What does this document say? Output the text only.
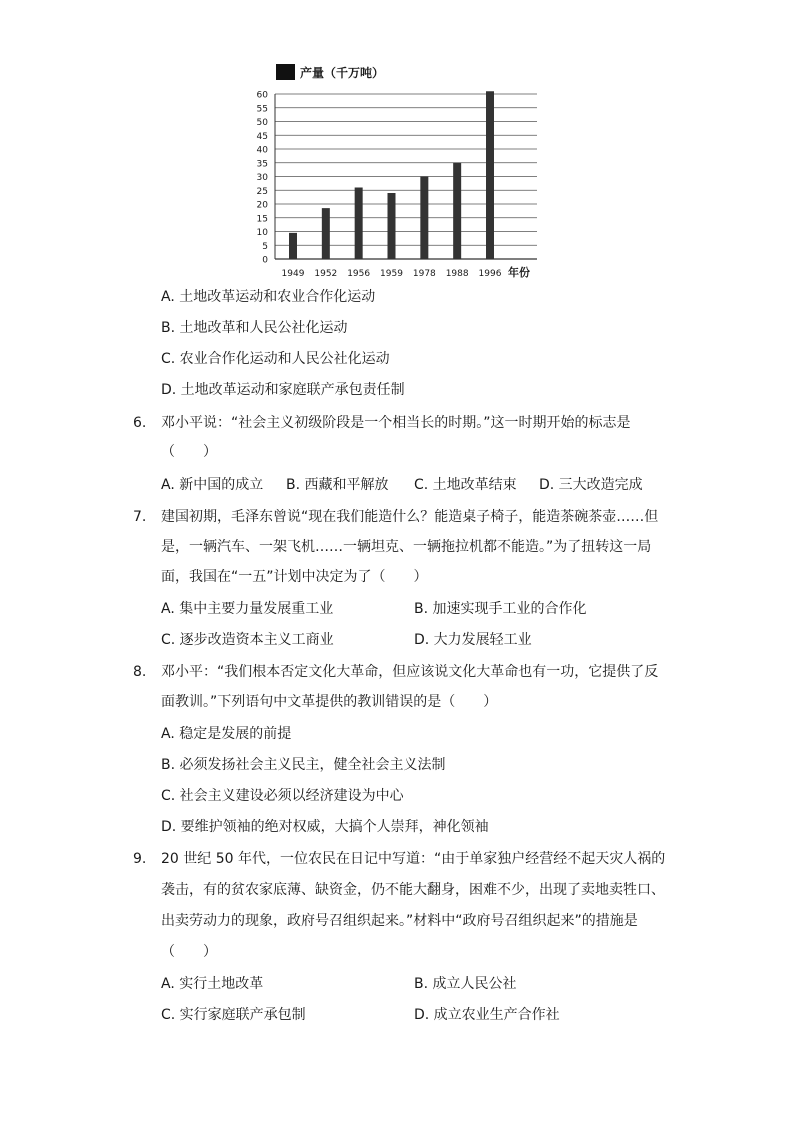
产量（千万吨）
0
5
10
15
20
25
30
35
40
45
50
55
60
1949 1952 1956 1959 1978 1988 1996 年份
A. 土地改革运动和农业合作化运动
B. 土地改革和人民公社化运动
C. 农业合作化运动和人民公社化运动
D. 土地改革运动和家庭联产承包责任制
6. 邓小平说：“社会主义初级阶段是一个相当长的时期。”这一时期开始的标志是
（　　）
A. 新中国的成立 B. 西藏和平解放 C. 土地改革结束 D. 三大改造完成
7. 建国初期，毛泽东曾说“现在我们能造什么？能造桌子椅子，能造茶碗茶壶……但
是，一辆汽车、一架飞机……一辆坦克、一辆拖拉机都不能造。”为了扭转这一局
面，我国在“一五”计划中决定为了（　　）
A. 集中主要力量发展重工业	B. 加速实现手工业的合作化
C. 逐步改造资本主义工商业	D. 大力发展轻工业
8. 邓小平：“我们根本否定文化大革命，但应该说文化大革命也有一功，它提供了反
面教训。”下列语句中文革提供的教训错误的是（　　）
A. 稳定是发展的前提
B. 必须发扬社会主义民主，健全社会主义法制
C. 社会主义建设必须以经济建设为中心
D. 要维护领袖的绝对权威，大搞个人崇拜，神化领袖
9. 20 世纪 50 年代，一位农民在日记中写道：“由于单家独户经营经不起天灾人祸的
袭击，有的贫农家底薄、缺资金，仍不能大翻身，困难不少，出现了卖地卖牲口、
出卖劳动力的现象，政府号召组织起来。”材料中“政府号召组织起来”的措施是
（　　）
A. 实行土地改革	B. 成立人民公社
C. 实行家庭联产承包制	D. 成立农业生产合作社
